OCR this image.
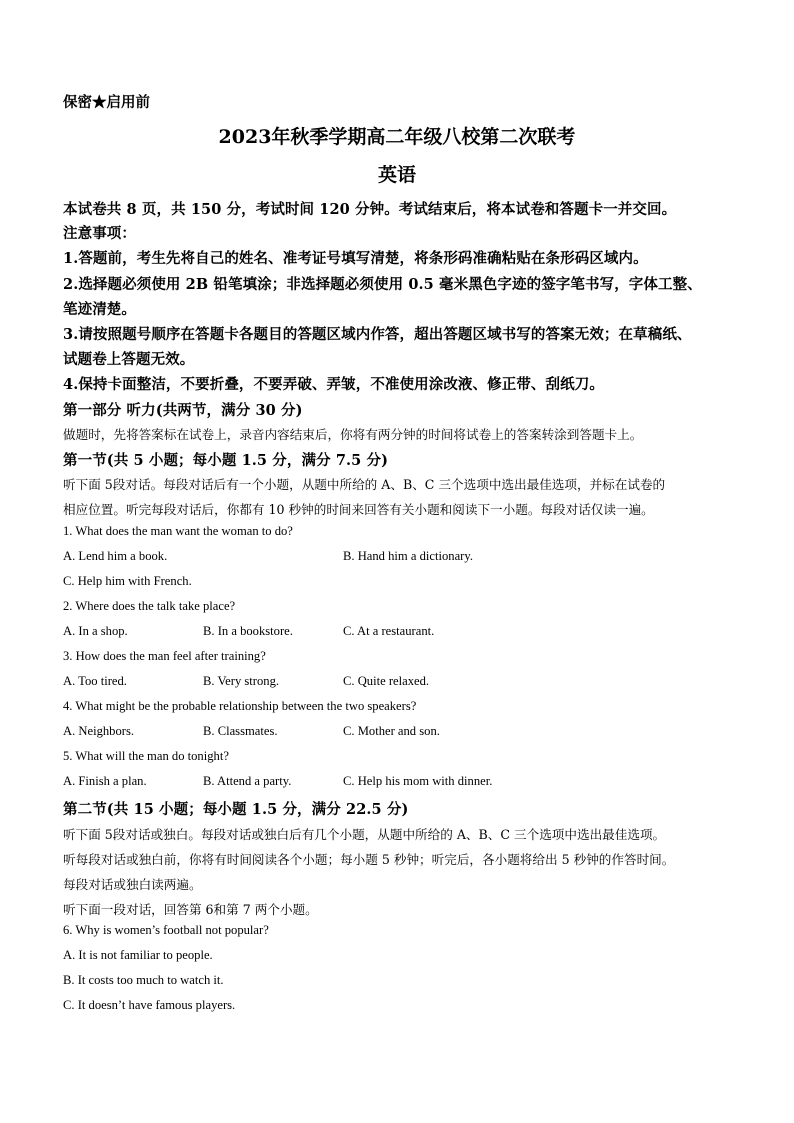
保密★启用前
2023年秋季学期高二年级八校第二次联考
英语
本试卷共 8 页，共 150 分，考试时间 120 分钟。考试结束后，将本试卷和答题卡一并交回。
注意事项：
1.答题前，考生先将自己的姓名、准考证号填写清楚，将条形码准确粘贴在条形码区域内。
2.选择题必须使用 2B 铅笔填涂；非选择题必须使用 0.5 毫米黑色字迹的签字笔书写，字体工整、
笔迹清楚。
3.请按照题号顺序在答题卡各题目的答题区域内作答，超出答题区域书写的答案无效；在草稿纸、
试题卷上答题无效。
4.保持卡面整洁，不要折叠，不要弄破、弄皱，不准使用涂改液、修正带、刮纸刀。
第一部分 听力(共两节，满分 30 分)
做题时，先将答案标在试卷上，录音内容结束后，你将有两分钟的时间将试卷上的答案转涂到答题卡上。
第一节(共 5 小题；每小题 1.5 分，满分 7.5 分)
听下面 5段对话。每段对话后有一个小题，从题中所给的 A、B、C 三个选项中选出最佳选项，并标在试卷的
相应位置。听完每段对话后，你都有 10 秒钟的时间来回答有关小题和阅读下一小题。每段对话仅读一遍。
1. What does the man want the woman to do?
A. Lend him a book.	B. Hand him a dictionary.
C. Help him with French.
2. Where does the talk take place?
A. In a shop.	B. In a bookstore.	C. At a restaurant.
3. How does the man feel after training?
A. Too tired.	B. Very strong.	C. Quite relaxed.
4. What might be the probable relationship between the two speakers?
A. Neighbors.	B. Classmates.	C. Mother and son.
5. What will the man do tonight?
A. Finish a plan.	B. Attend a party.	C. Help his mom with dinner.
第二节(共 15 小题；每小题 1.5 分，满分 22.5 分)
听下面 5段对话或独白。每段对话或独白后有几个小题，从题中所给的 A、B、C 三个选项中选出最佳选项。
听每段对话或独白前，你将有时间阅读各个小题；每小题 5 秒钟；听完后，各小题将给出 5 秒钟的作答时间。
每段对话或独白读两遍。
听下面一段对话，回答第 6和第 7 两个小题。
6. Why is women’s football not popular?
A. It is not familiar to people.
B. It costs too much to watch it.
C. It doesn’t have famous players.
